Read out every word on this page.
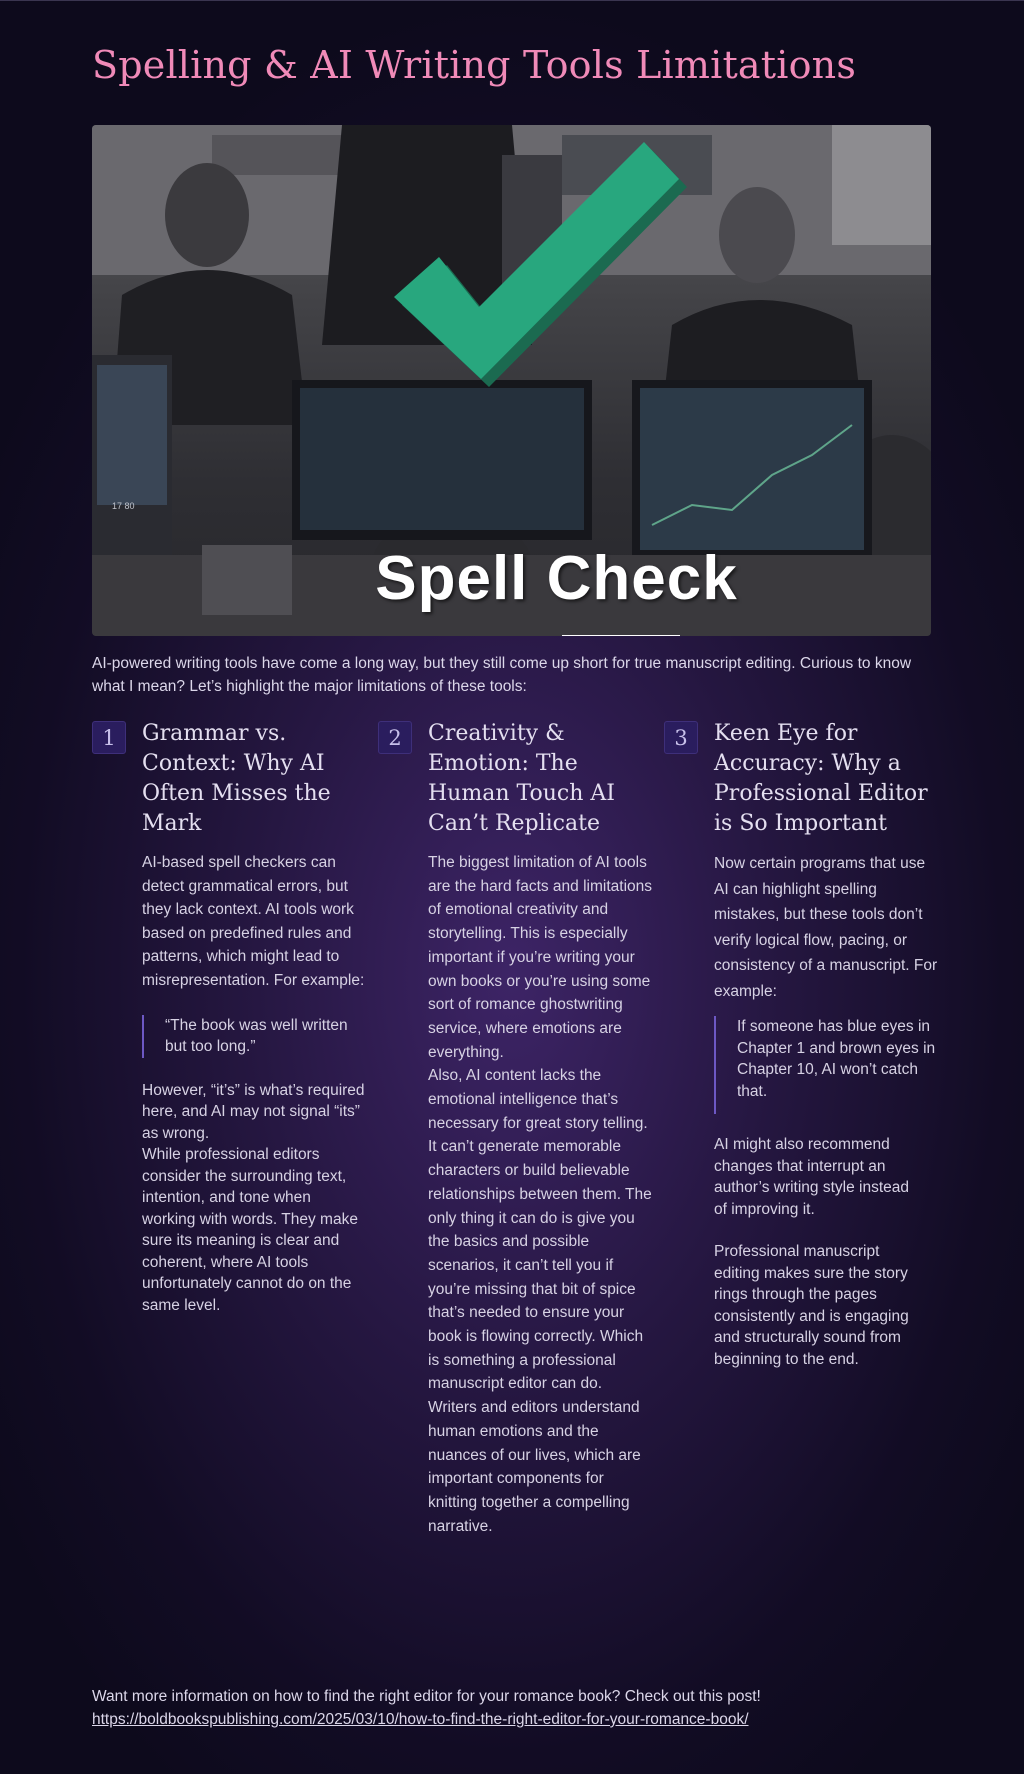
Spelling & AI Writing Tools Limitations
Spell Check
17 80

AI-powered writing tools have come a long way, but they still come up short for true manuscript editing. Curious to know what I mean? Let’s highlight the major limitations of these tools:

1	Grammar vs. Context: Why AI Often Misses the Mark

AI-based spell checkers can detect grammatical errors, but they lack context. AI tools work based on predefined rules and patterns, which might lead to misrepresentation. For example:

“The book was well written but too long.”

However, “it’s” is what’s required here, and AI may not signal “its” as wrong.

While professional editors consider the surrounding text, intention, and tone when working with words. They make sure its meaning is clear and coherent, where AI tools unfortunately cannot do on the same level.

2	Creativity & Emotion: The Human Touch AI Can’t Replicate

The biggest limitation of AI tools are the hard facts and limitations of emotional creativity and storytelling. This is especially important if you’re writing your own books or you’re using some sort of romance ghostwriting service, where emotions are everything.

Also, AI content lacks the emotional intelligence that’s necessary for great story telling.

It can’t generate memorable characters or build believable relationships between them. The only thing it can do is give you the basics and possible scenarios, it can’t tell you if you’re missing that bit of spice that’s needed to ensure your book is flowing correctly. Which is something a professional manuscript editor can do.

Writers and editors understand human emotions and the nuances of our lives, which are important components for knitting together a compelling narrative.

3	Keen Eye for Accuracy: Why a Professional Editor is So Important

Now certain programs that use AI can highlight spelling mistakes, but these tools don’t verify logical flow, pacing, or consistency of a manuscript. For example:

If someone has blue eyes in Chapter 1 and brown eyes in Chapter 10, AI won’t catch that.

AI might also recommend changes that interrupt an author’s writing style instead of improving it.

Professional manuscript editing makes sure the story rings through the pages consistently and is engaging and structurally sound from beginning to the end.

Want more information on how to find the right editor for your romance book? Check out this post!
https://boldbookspublishing.com/2025/03/10/how-to-find-the-right-editor-for-your-romance-book/
